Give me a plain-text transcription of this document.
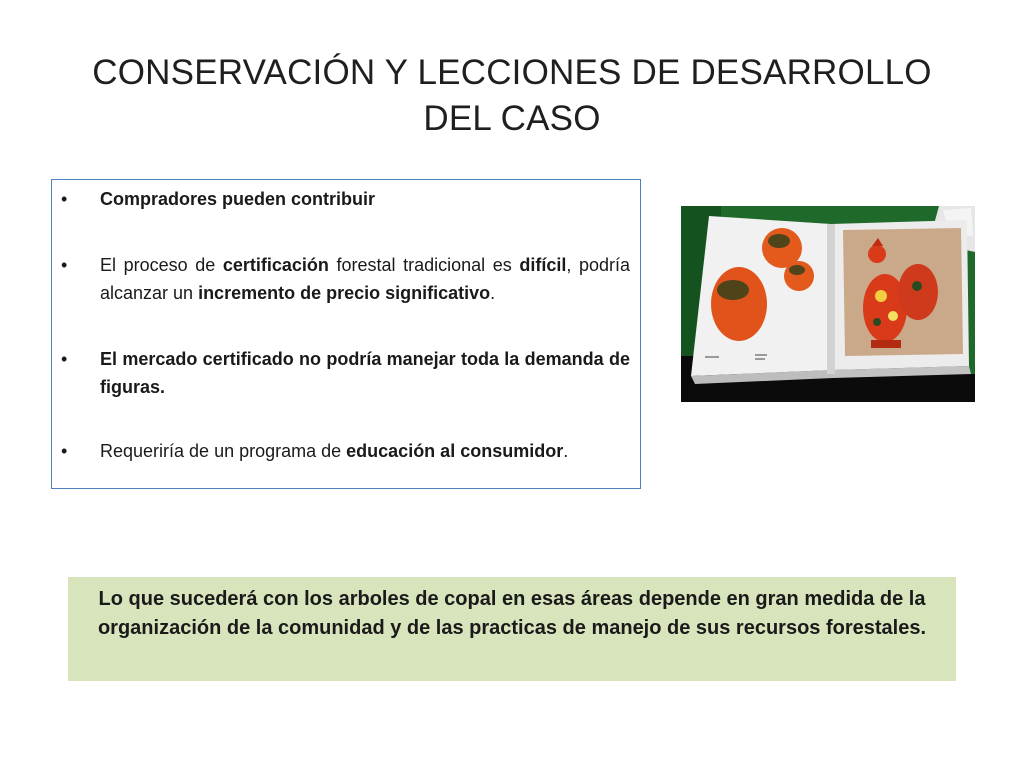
CONSERVACIÓN Y LECCIONES DE DESARROLLO DEL CASO
• Compradores pueden contribuir
• El proceso de certificación forestal tradicional es difícil, podría alcanzar un incremento de precio significativo.
• El mercado certificado no podría manejar toda la demanda de figuras.
• Requeriría de un programa de educación al consumidor.
Lo que sucederá con los arboles de copal en esas áreas depende en gran medida de la organización de la comunidad y de las practicas de manejo de sus recursos forestales.
